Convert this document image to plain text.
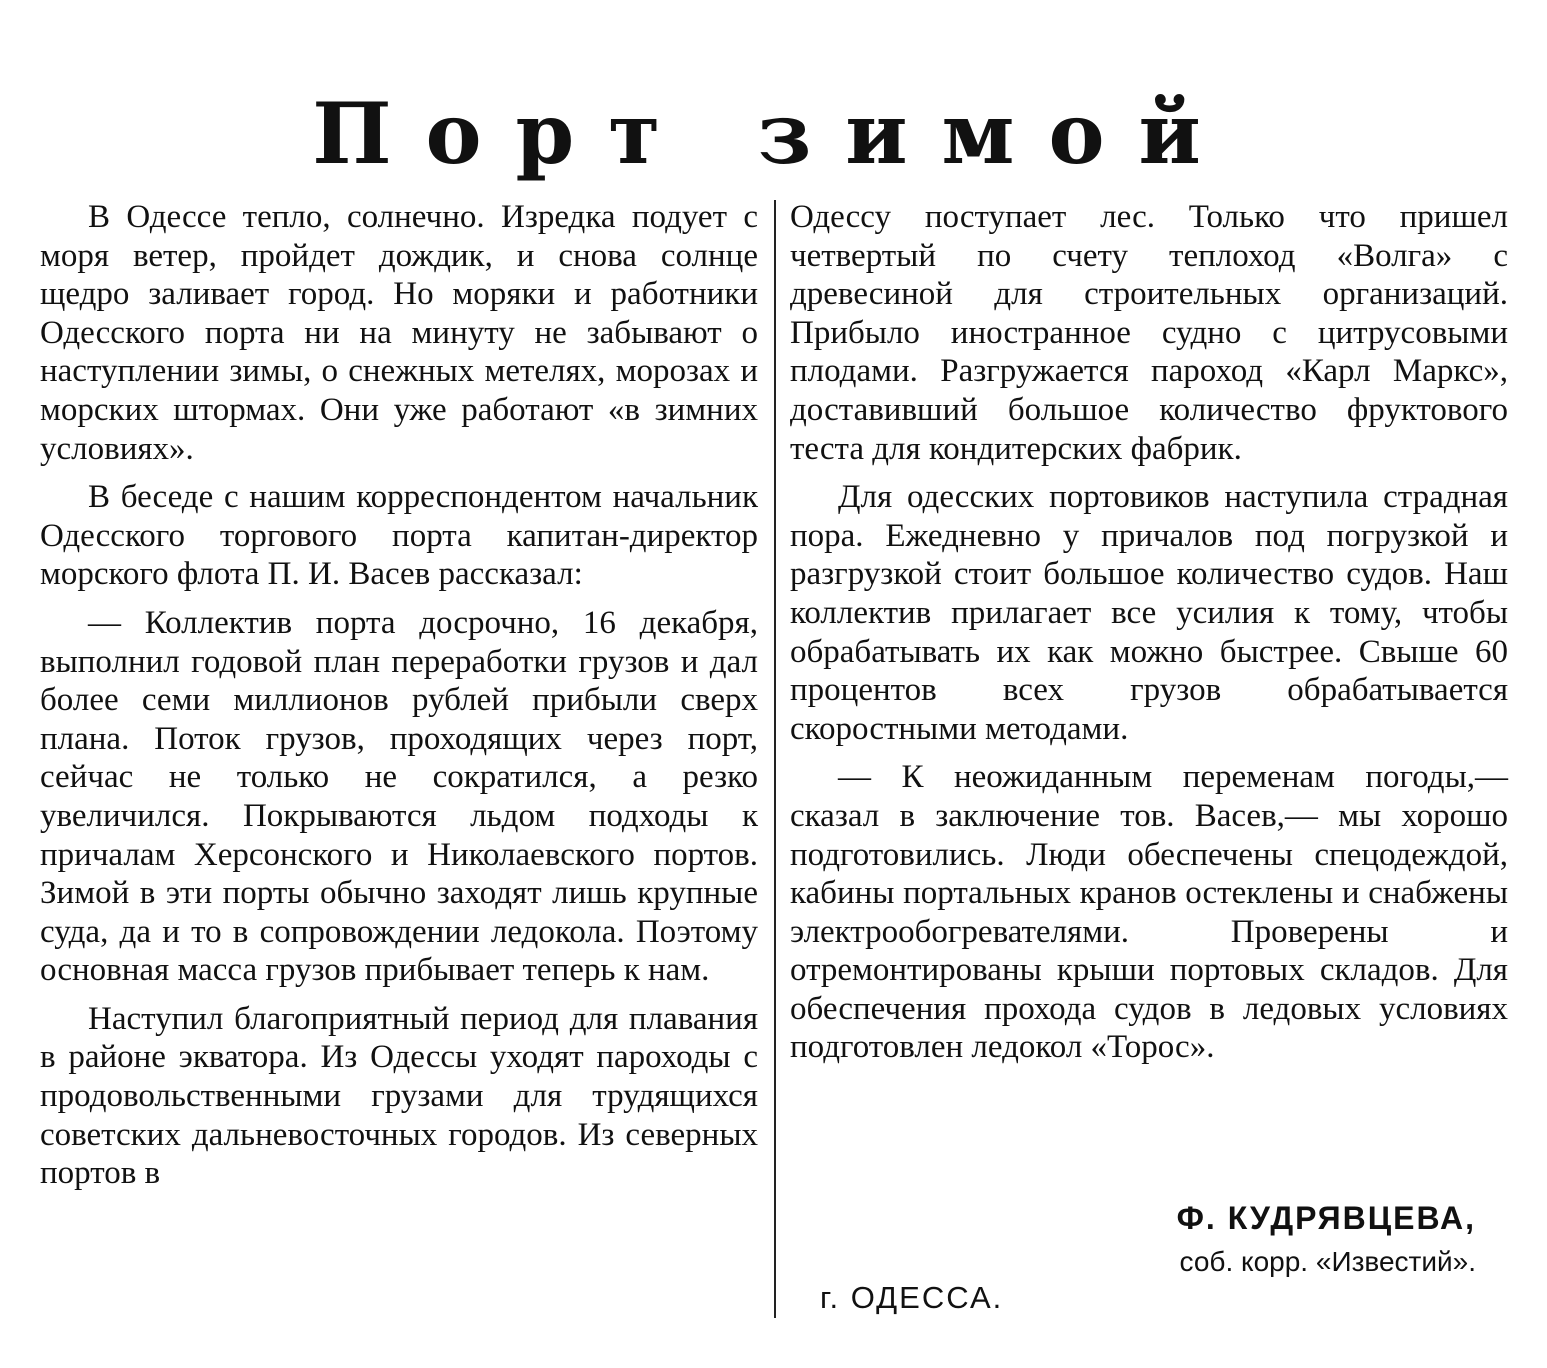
Порт зимой

В Одессе тепло, солнечно. Изредка подует с моря ветер, пройдет дождик, и снова солнце щедро заливает город. Но моряки и работники Одесского порта ни на минуту не забывают о наступлении зимы, о снежных метелях, морозах и морских штормах. Они уже работают «в зимних условиях».

В беседе с нашим корреспондентом начальник Одесского торгового порта капитан-директор морского флота П. И. Васев рассказал:

— Коллектив порта досрочно, 16 декабря, выполнил годовой план переработки грузов и дал более семи миллионов рублей прибыли сверх плана. Поток грузов, проходящих через порт, сейчас не только не сократился, а резко увеличился. Покрываются льдом подходы к причалам Херсонского и Николаевского портов. Зимой в эти порты обычно заходят лишь крупные суда, да и то в сопровождении ледокола. Поэтому основная масса грузов прибывает теперь к нам.

Наступил благоприятный период для плавания в районе экватора. Из Одессы уходят пароходы с продовольственными грузами для трудящихся советских дальневосточных городов. Из северных портов в

Одессу поступает лес. Только что пришел четвертый по счету теплоход «Волга» с древесиной для строительных организаций. Прибыло иностранное судно с цитрусовыми плодами. Разгружается пароход «Карл Маркс», доставивший большое количество фруктового теста для кондитерских фабрик.

Для одесских портовиков наступила страдная пора. Ежедневно у причалов под погрузкой и разгрузкой стоит большое количество судов. Наш коллектив прилагает все усилия к тому, чтобы обрабатывать их как можно быстрее. Свыше 60 процентов всех грузов обрабатывается скоростными методами.

— К неожиданным переменам погоды,— сказал в заключение тов. Васев,— мы хорошо подготовились. Люди обеспечены спецодеждой, кабины портальных кранов остеклены и снабжены электрообогревателями. Проверены и отремонтированы крыши портовых складов. Для обеспечения прохода судов в ледовых условиях подготовлен ледокол «Торос».

Ф. КУДРЯВЦЕВА,
соб. корр. «Известий».
г. ОДЕССА.
